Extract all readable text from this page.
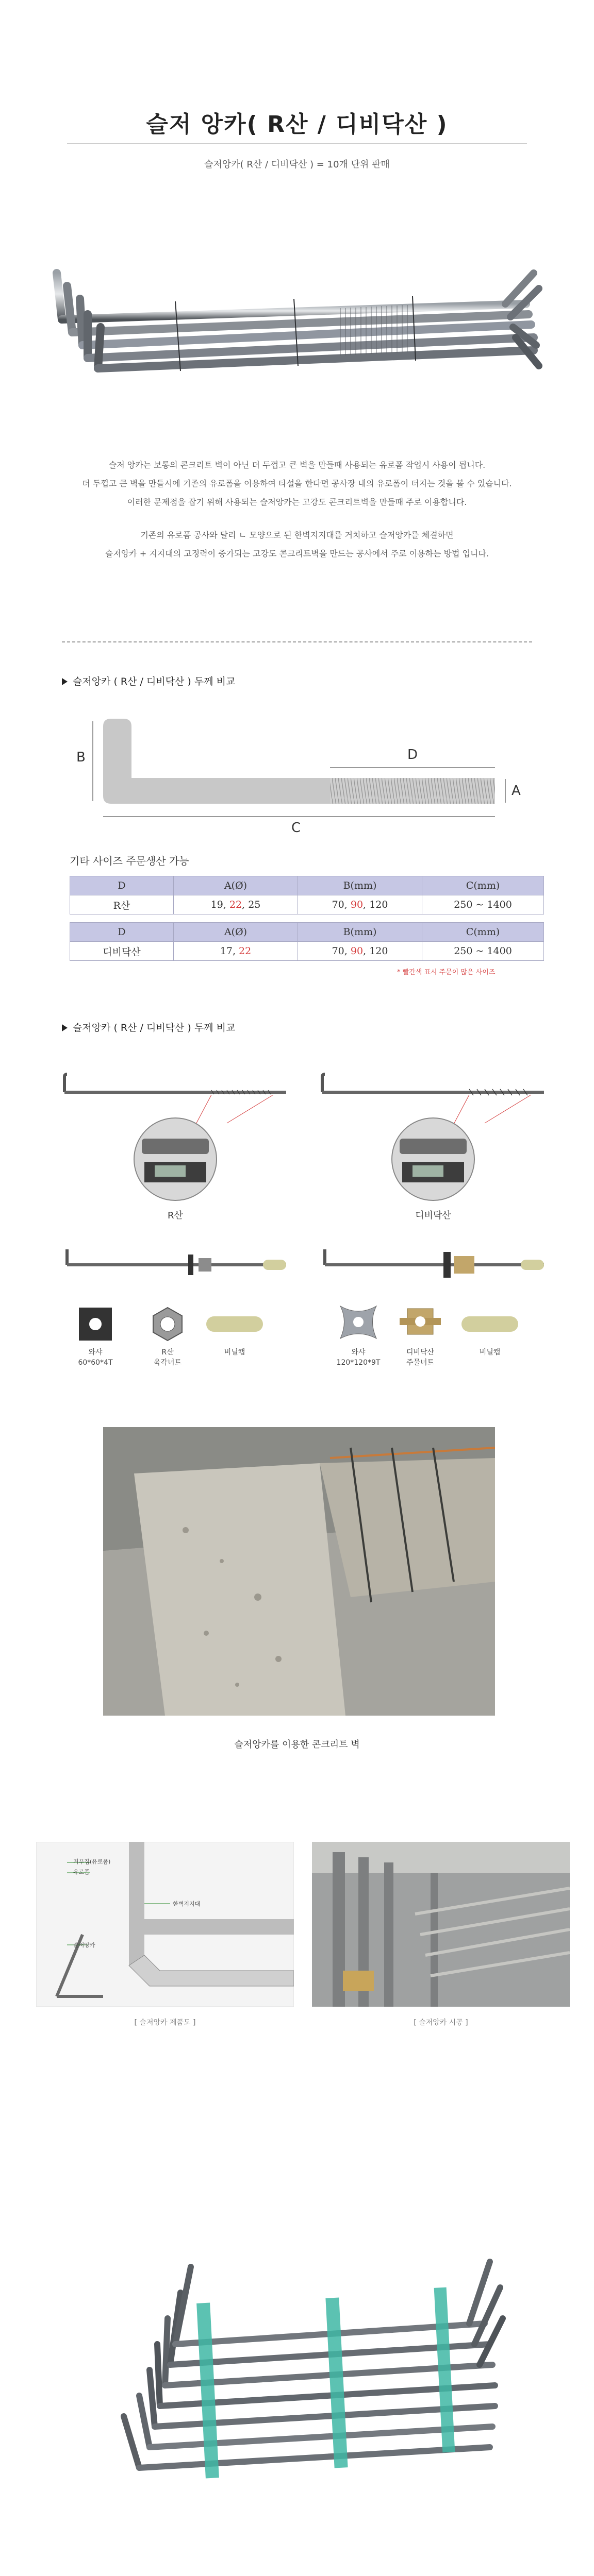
슬저 앙카( R산 / 디비닥산 )
슬저앙카( R산 / 디비닥산 ) = 10개 단위 판매
슬저 앙카는 보통의 콘크리트 벽이 아닌 더 두껍고 큰 벽을 만들때 사용되는 유로폼 작업시 사용이 됩니다.
더 두껍고 큰 벽을 만들시에 기존의 유로폼을 이용하여 타설을 한다면 공사장 내의 유로폼이 터지는 것을 볼 수 있습니다.
이러한 문제점을 잡기 위해 사용되는 슬저앙카는 고강도 콘크리트벽을 만들때 주로 이용합니다.
기존의 유로폼 공사와 달리 ㄴ 모양으로 된 한벽지지대를 거치하고 슬저앙카를 체결하면
슬저앙카 + 지지대의 고정력이 증가되는 고강도 콘크리트벽을 만드는 공사에서 주로 이용하는 방법 입니다.
슬저앙카 ( R산 / 디비닥산 ) 두께 비교
B	D
A
C
기타 사이즈 주문생산 가능
D	A(Ø)	B(mm)	C(mm)
R산	19, 22, 25	70, 90, 120	250 ~ 1400
D	A(Ø)	B(mm)	C(mm)
디비닥산	17, 22	70, 90, 120	250 ~ 1400
* 빨간색 표시 주문이 많은 사이즈
슬저앙카 ( R산 / 디비닥산 ) 두께 비교
R산	디비닥산
와샤
60*60*4T
R산
육각너트
비닐캡	와샤
120*120*9T
디비닥산
주물너트
비닐캡
슬저앙카를 이용한 콘크리트 벽
거푸집(유로폼)
유로폼
한벽지지대
슬저앙카
[ 슬저앙카 제품도 ]	[ 슬저앙카 시공 ]
